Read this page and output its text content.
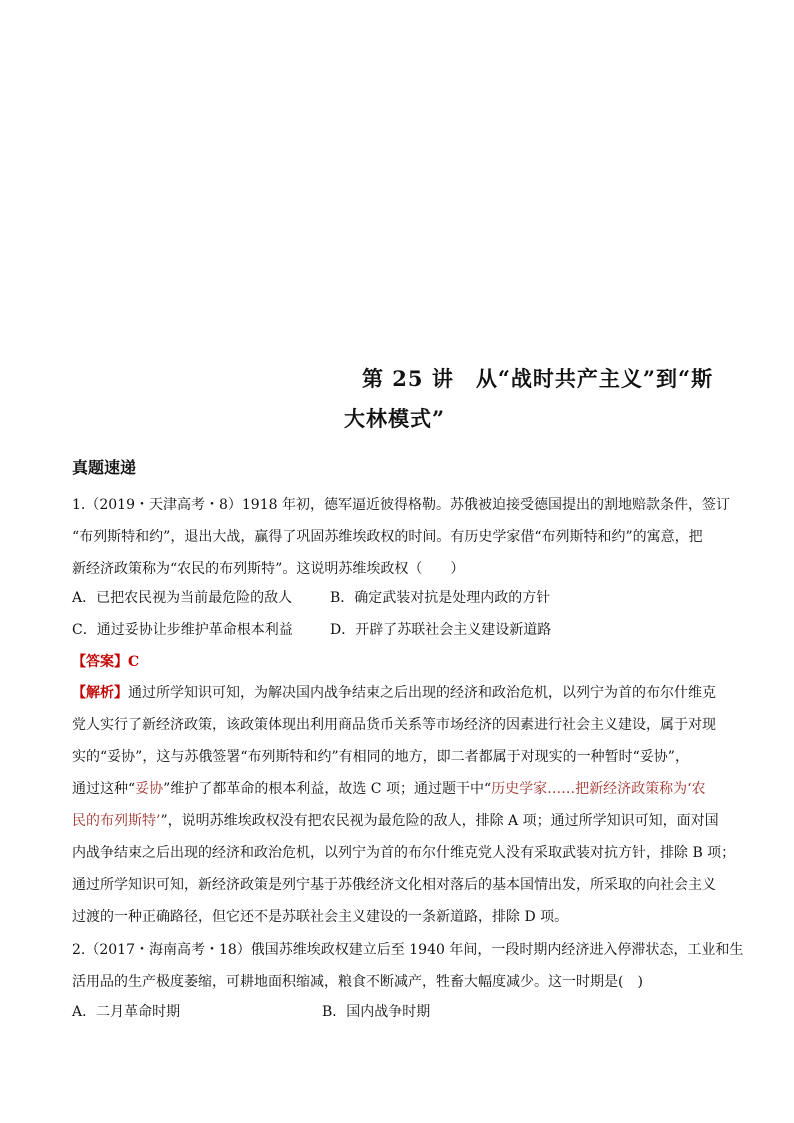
第 25 讲　从“战时共产主义”到“斯
大林模式”
真题速递
1.（2019・天津高考・8）1918 年初，德军逼近彼得格勒。苏俄被迫接受德国提出的割地赔款条件，签订
“布列斯特和约”，退出大战，赢得了巩固苏维埃政权的时间。有历史学家借“布列斯特和约”的寓意，把
新经济政策称为“农民的布列斯特”。这说明苏维埃政权（　　）
A．已把农民视为当前最危险的敌人	B．确定武装对抗是处理内政的方针
C．通过妥协让步维护革命根本利益	D．开辟了苏联社会主义建设新道路
【答案】C
【解析】通过所学知识可知，为解决国内战争结束之后出现的经济和政治危机，以列宁为首的布尔什维克
党人实行了新经济政策，该政策体现出利用商品货币关系等市场经济的因素进行社会主义建设，属于对现
实的“妥协”，这与苏俄签署“布列斯特和约”有相同的地方，即二者都属于对现实的一种暂时“妥协”，
通过这种“妥协”维护了都革命的根本利益，故选 C 项；通过题干中“历史学家……把新经济政策称为‘农
民的布列斯特’”，说明苏维埃政权没有把农民视为最危险的敌人，排除 A 项；通过所学知识可知，面对国
内战争结束之后出现的经济和政治危机，以列宁为首的布尔什维克党人没有采取武装对抗方针，排除 B 项；
通过所学知识可知，新经济政策是列宁基于苏俄经济文化相对落后的基本国情出发，所采取的向社会主义
过渡的一种正确路径，但它还不是苏联社会主义建设的一条新道路，排除 D 项。
2.（2017・海南高考・18）俄国苏维埃政权建立后至 1940 年间，一段时期内经济进入停滞状态，工业和生
活用品的生产极度萎缩，可耕地面积缩减，粮食不断减产，牲畜大幅度减少。这一时期是(　)
A．二月革命时期	B．国内战争时期
